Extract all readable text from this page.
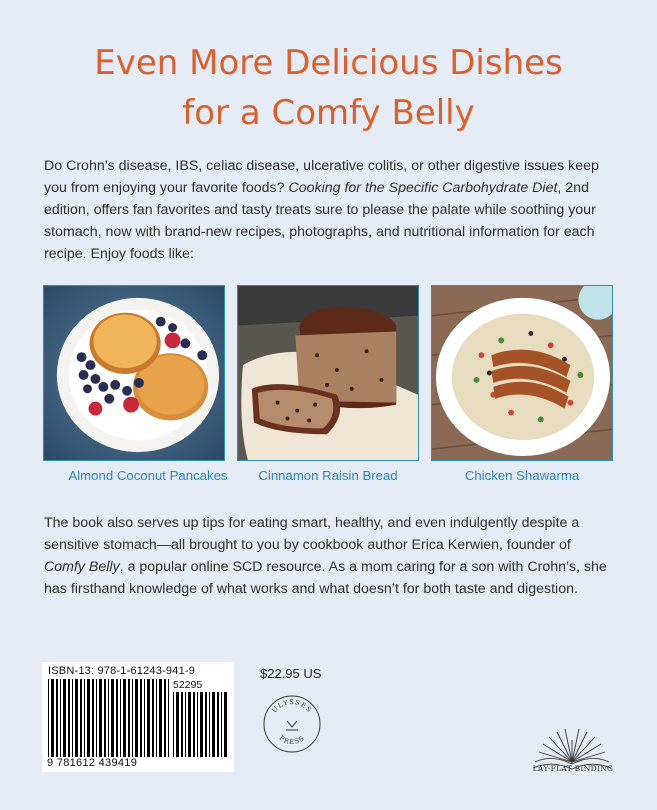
Even More Delicious Dishes
for a Comfy Belly

Do Crohn’s disease, IBS, celiac disease, ulcerative colitis, or other digestive issues keep you from enjoying your favorite foods? Cooking for the Specific Carbohydrate Diet, 2nd edition, offers fan favorites and tasty treats sure to please the palate while soothing your stomach, now with brand-new recipes, photographs, and nutritional information for each recipe. Enjoy foods like:

Almond Coconut Pancakes	Cinnamon Raisin Bread	Chicken Shawarma

The book also serves up tips for eating smart, healthy, and even indulgently despite a sensitive stomach—all brought to you by cookbook author Erica Kerwien, founder of Comfy Belly, a popular online SCD resource. As a mom caring for a son with Crohn’s, she has firsthand knowledge of what works and what doesn’t for both taste and digestion.

ISBN-13: 978-1-61243-941-9
52295
9 781612 439419
$22.95 US
ULYSSES
PRESS
LAY-FLAT BINDING
